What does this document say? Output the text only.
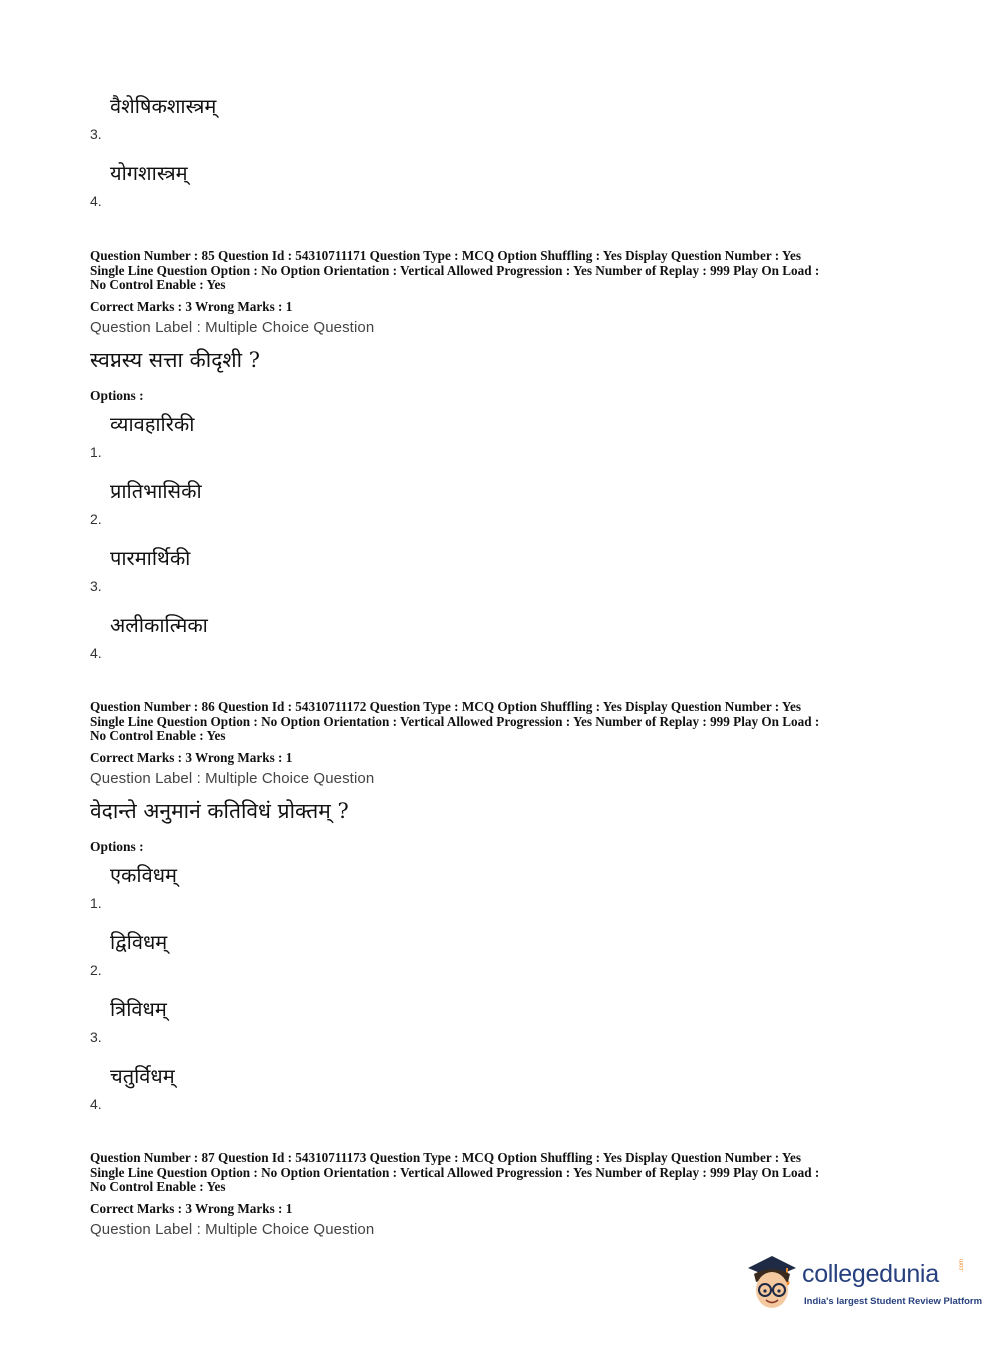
वैशेषिकशास्त्रम्
3.
योगशास्त्रम्
4.

Question Number : 85 Question Id : 54310711171 Question Type : MCQ Option Shuffling : Yes Display Question Number : Yes

Single Line Question Option : No Option Orientation : Vertical Allowed Progression : Yes Number of Replay : 999 Play On Load :

No Control Enable : Yes

Correct Marks : 3 Wrong Marks : 1
Question Label : Multiple Choice Question
स्वप्नस्य सत्ता कीदृशी ?
Options :
व्यावहारिकी
1.
प्रातिभासिकी
2.
पारमार्थिकी
3.
अलीकात्मिका
4.

Question Number : 86 Question Id : 54310711172 Question Type : MCQ Option Shuffling : Yes Display Question Number : Yes

Single Line Question Option : No Option Orientation : Vertical Allowed Progression : Yes Number of Replay : 999 Play On Load :

No Control Enable : Yes

Correct Marks : 3 Wrong Marks : 1
Question Label : Multiple Choice Question
वेदान्ते अनुमानं कतिविधं प्रोक्तम् ?
Options :
एकविधम्
1.
द्विविधम्
2.
त्रिविधम्
3.
चतुर्विधम्
4.

Question Number : 87 Question Id : 54310711173 Question Type : MCQ Option Shuffling : Yes Display Question Number : Yes

Single Line Question Option : No Option Orientation : Vertical Allowed Progression : Yes Number of Replay : 999 Play On Load :

No Control Enable : Yes

Correct Marks : 3 Wrong Marks : 1
Question Label : Multiple Choice Question
collegedunia	.com
India's largest Student Review Platform
